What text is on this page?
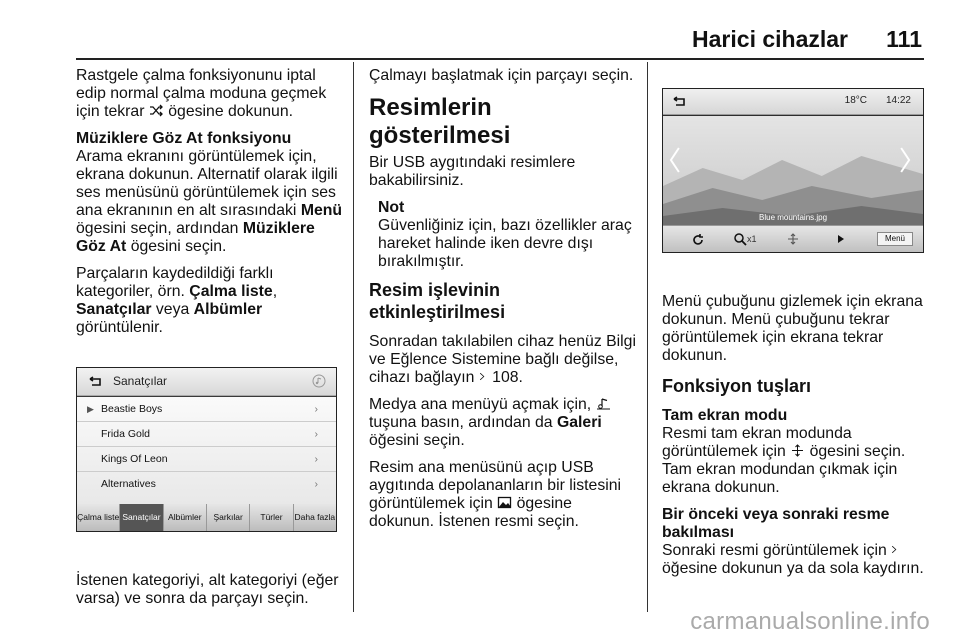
Harici cihazlar 111

Rastgele çalma fonksiyonunu iptal edip normal çalma moduna geçmek için tekrar ögesine dokunun.

Müziklere Göz At fonksiyonu

Arama ekranını görüntülemek için, ekrana dokunun. Alternatif olarak ilgili ses menüsünü görüntülemek için ses ana ekranının en alt sırasındaki Menü ögesini seçin, ardından Müziklere Göz At ögesini seçin.

Parçaların kaydedildiği farklı kategoriler, örn. Çalma liste, Sanatçılar veya Albümler görüntülenir.

Sanatçılar
▶ Beastie Boys	›
Frida Gold	›
Kings Of Leon	›
Alternatives	›
Çalma liste Sanatçılar Albümler	Şarkılar	Türler	Daha fazla

İstenen kategoriyi, alt kategoriyi (eğer varsa) ve sonra da parçayı seçin.

Çalmayı başlatmak için parçayı seçin.

Resimlerin gösterilmesi

Bir USB aygıtındaki resimlere bakabilirsiniz.

Not
Güvenliğiniz için, bazı özellikler araç hareket halinde iken devre dışı bırakılmıştır.
Resim işlevinin etkinleştirilmesi

Sonradan takılabilen cihaz henüz Bilgi ve Eğlence Sistemine bağlı değilse, cihazı bağlayın 108.

Medya ana menüyü açmak için,  tuşuna basın, ardından da Galeri öğesini seçin.

Resim ana menüsünü açıp USB aygıtında depolananların bir listesini görüntülemek için ögesine dokunun. İstenen resmi seçin.

18°C 14:22
Blue mountains.jpg
x1	Menü

Menü çubuğunu gizlemek için ekrana dokunun. Menü çubuğunu tekrar görüntülemek için ekrana tekrar dokunun.

Fonksiyon tuşları
Tam ekran modu

Resmi tam ekran modunda görüntülemek için ögesini seçin. Tam ekran modundan çıkmak için ekrana dokunun.

Bir önceki veya sonraki resme bakılması

Sonraki resmi görüntülemek için  öğesine dokunun ya da sola kaydırın.

carmanualsonline.info
